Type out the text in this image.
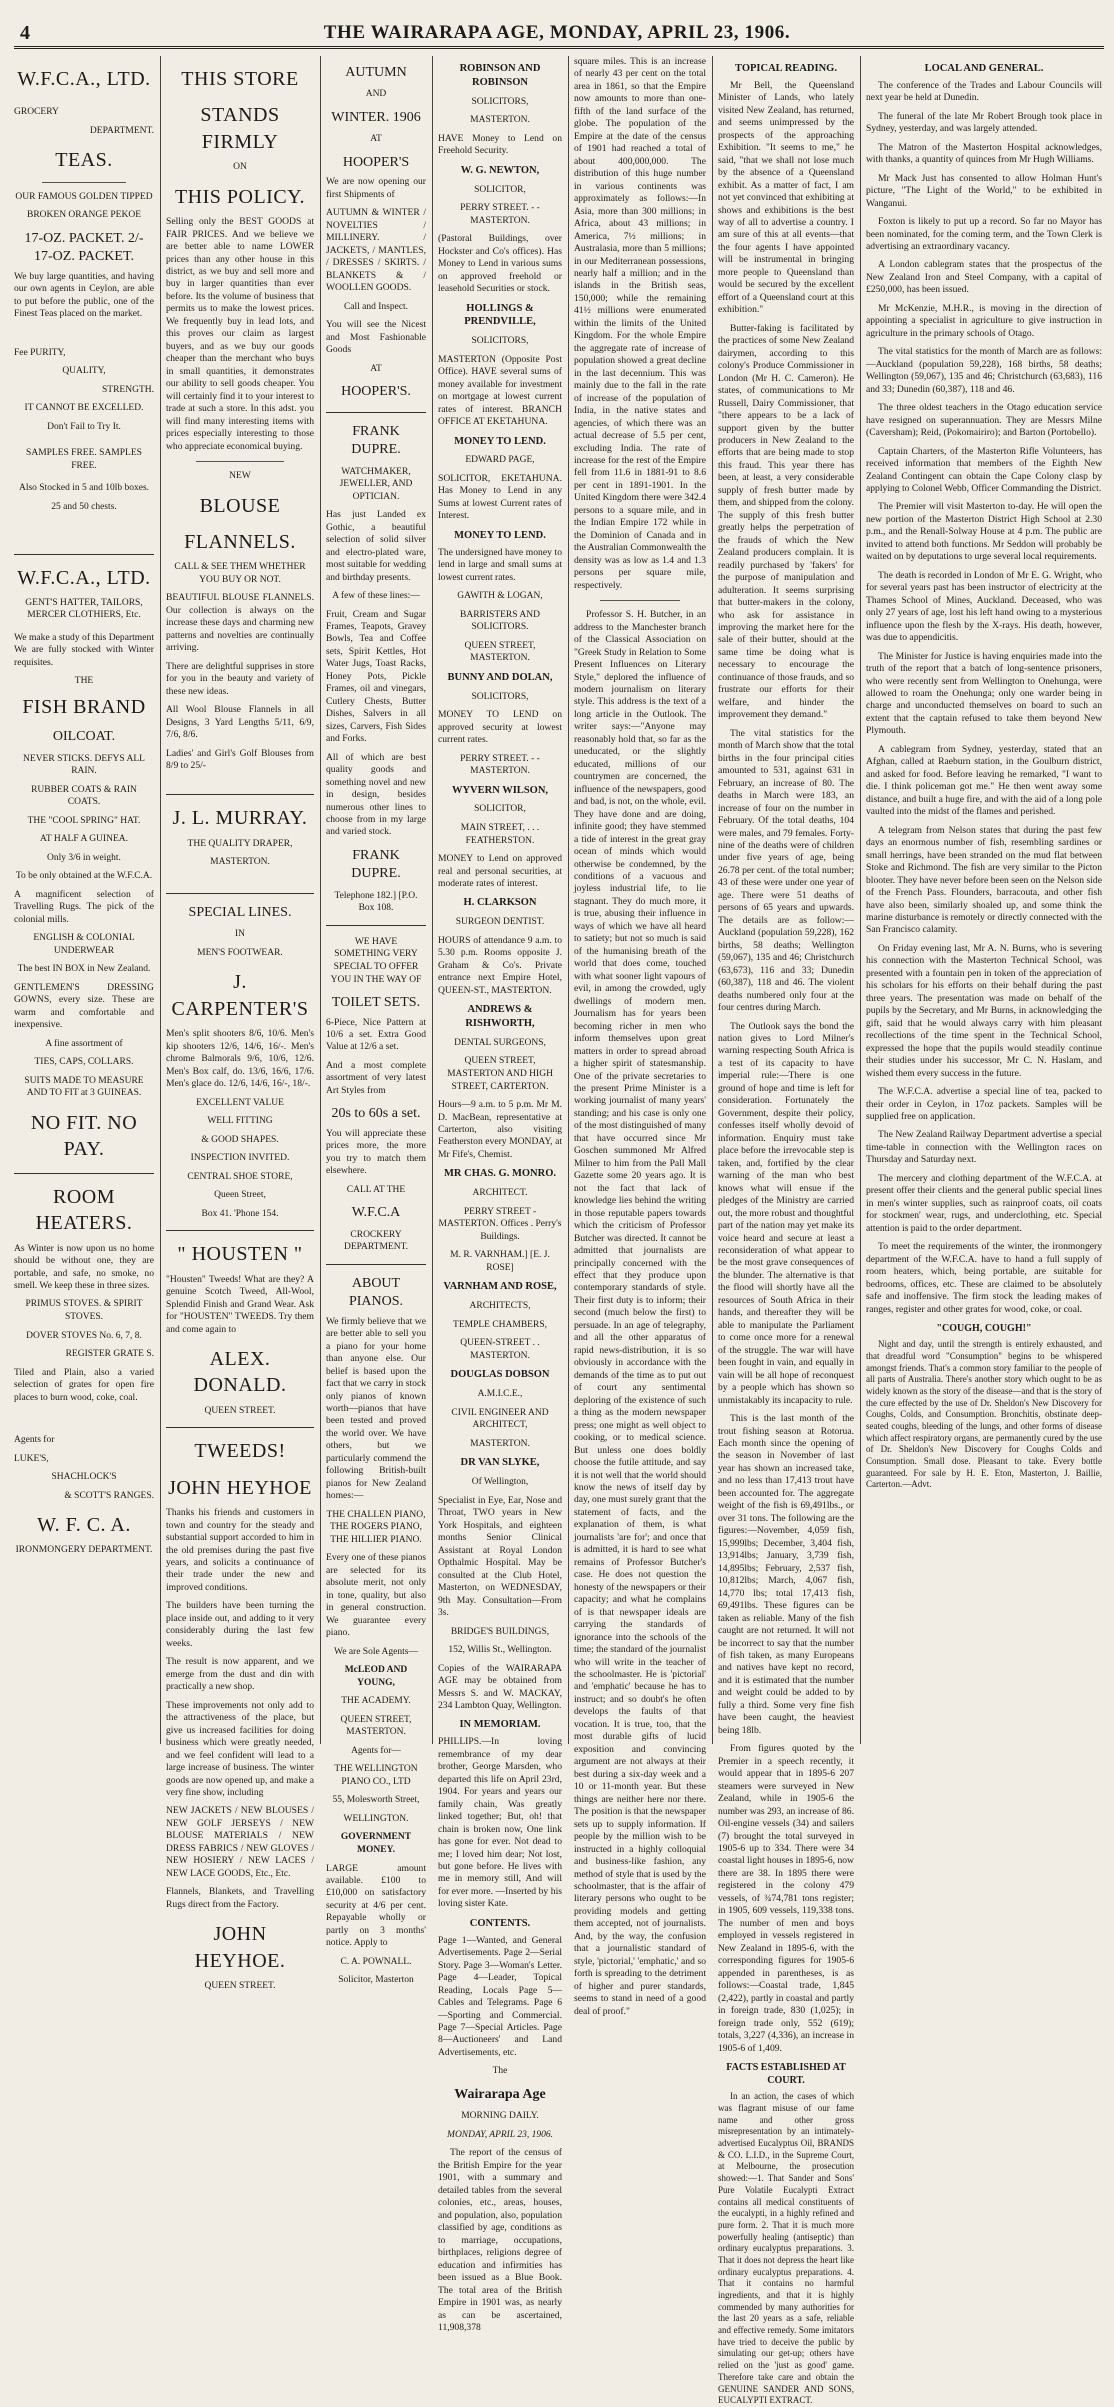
4	THE WAIRARAPA AGE, MONDAY, APRIL 23, 1906.
W.F.C.A., LTD.
GROCERY
DEPARTMENT.
TEAS.
OUR FAMOUS GOLDEN TIPPED
BROKEN ORANGE PEKOE
17-OZ. PACKET. 2/- 17-OZ. PACKET.

We buy large quantities, and having our own agents in Ceylon, are able to put before the public, one of the Finest Teas placed on the market.

Fee PURITY,
QUALITY,
STRENGTH.
IT CANNOT BE EXCELLED.
Don't Fail to Try It.
SAMPLES FREE. SAMPLES FREE.
Also Stocked in 5 and 10lb boxes.
25 and 50 chests.
W.F.C.A., LTD.
GENT'S HATTER, TAILORS, MERCER CLOTHIERS, Etc.

We make a study of this Department We are fully stocked with Winter requisites.

THE
FISH BRAND
OILCOAT.
NEVER STICKS. DEFYS ALL RAIN.
RUBBER COATS & RAIN COATS.
THE "COOL SPRING" HAT.
AT HALF A GUINEA.
Only 3/6 in weight.
To be only obtained at the W.F.C.A.

A magnificent selection of Travelling Rugs. The pick of the colonial mills.

ENGLISH & COLONIAL UNDERWEAR
The best IN BOX in New Zealand.

GENTLEMEN'S DRESSING GOWNS, every size. These are warm and comfortable and inexpensive.

A fine assortment of
TIES, CAPS, COLLARS.
SUITS MADE TO MEASURE AND TO FIT at 3 GUINEAS.
NO FIT. NO PAY.
ROOM HEATERS.

As Winter is now upon us no home should be without one, they are portable, and safe, no smoke, no smell. We keep these in three sizes.

PRIMUS STOVES. & SPIRIT STOVES.
DOVER STOVES No. 6, 7, 8.
REGISTER GRATE S.

Tiled and Plain, also a varied selection of grates for open fire places to burn wood, coke, coal.

Agents for
LUKE'S,
SHACHLOCK'S
& SCOTT'S RANGES.
W. F. C. A.
IRONMONGERY DEPARTMENT.
THIS STORE
STANDS FIRMLY
ON
THIS POLICY.

Selling only the BEST GOODS at FAIR PRICES. And we believe we are better able to name LOWER prices than any other house in this district, as we buy and sell more and buy in larger quantities than ever before. Its the volume of business that permits us to make the lowest prices. We frequently buy in lead lots, and this proves our claim as largest buyers, and as we buy our goods cheaper than the merchant who buys in small quantities, it demonstrates our ability to sell goods cheaper. You will certainly find it to your interest to trade at such a store. In this adst. you will find many interesting items with prices especially interesting to those who appreciate economical buying.

NEW
BLOUSE
FLANNELS.
CALL & SEE THEM WHETHER YOU BUY OR NOT.

BEAUTIFUL BLOUSE FLANNELS. Our collection is always on the increase these days and charming new patterns and novelties are continually arriving.

There are delightful supprises in store for you in the beauty and variety of these new ideas.

All Wool Blouse Flannels in all Designs, 3 Yard Lengths 5/11, 6/9, 7/6, 8/6.

Ladies' and Girl's Golf Blouses from 8/9 to 25/-

J. L. MURRAY.
THE QUALITY DRAPER,
MASTERTON.
SPECIAL LINES.
IN
MEN'S FOOTWEAR.
J. CARPENTER'S

Men's split shooters 8/6, 10/6. Men's kip shooters 12/6, 14/6, 16/-. Men's chrome Balmorals 9/6, 10/6, 12/6. Men's Box calf, do. 13/6, 16/6, 17/6. Men's glace do. 12/6, 14/6, 16/-, 18/-.

EXCELLENT VALUE
WELL FITTING
& GOOD SHAPES.
INSPECTION INVITED.
CENTRAL SHOE STORE,
Queen Street,
Box 41. 'Phone 154.
" HOUSTEN "

"Housten" Tweeds! What are they? A genuine Scotch Tweed, All-Wool, Splendid Finish and Grand Wear. Ask for "HOUSTEN" TWEEDS. Try them and come again to

ALEX. DONALD.
QUEEN STREET.
TWEEDS!
JOHN HEYHOE

Thanks his friends and customers in town and country for the steady and substantial support accorded to him in the old premises during the past five years, and solicits a continuance of their trade under the new and improved conditions.

The builders have been turning the place inside out, and adding to it very considerably during the last few weeks.

The result is now apparent, and we emerge from the dust and din with practically a new shop.

These improvements not only add to the attractiveness of the place, but give us increased facilities for doing business which were greatly needed, and we feel confident will lead to a large increase of business. The winter goods are now opened up, and make a very fine show, including

NEW JACKETS / NEW BLOUSES / NEW GOLF JERSEYS / NEW BLOUSE MATERIALS / NEW DRESS FABRICS / NEW GLOVES / NEW HOSIERY / NEW LACES / NEW LACE GOODS, Etc., Etc.

Flannels, Blankets, and Travelling Rugs direct from the Factory.

JOHN HEYHOE.
QUEEN STREET.
AUTUMN
AND
WINTER. 1906
AT
HOOPER'S

We are now opening our first Shipments of

AUTUMN & WINTER / NOVELTIES / MILLINERY. / JACKETS, / MANTLES, / DRESSES / SKIRTS. / BLANKETS & / WOOLLEN GOODS.

Call and Inspect.

You will see the Nicest and Most Fashionable Goods

AT
HOOPER'S.
FRANK DUPRE.
WATCHMAKER, JEWELLER, AND OPTICIAN.

Has just Landed ex Gothic, a beautiful selection of solid silver and electro-plated ware, most suitable for wedding and birthday presents.

A few of these lines:—

Fruit, Cream and Sugar Frames, Teapots, Gravey Bowls, Tea and Coffee sets, Spirit Kettles, Hot Water Jugs, Toast Racks, Honey Pots, Pickle Frames, oil and vinegars, Cutlery Chests, Butter Dishes, Salvers in all sizes, Carvers, Fish Sides and Forks.

All of which are best quality goods and something novel and new in design, besides numerous other lines to choose from in my large and varied stock.

FRANK DUPRE.
Telephone 182.] [P.O. Box 108.
WE HAVE SOMETHING VERY SPECIAL TO OFFER YOU IN THE WAY OF
TOILET SETS.

6-Piece, Nice Pattern at 10/6 a set. Extra Good Value at 12/6 a set.

And a most complete assortment of very latest Art Styles from

20s to 60s a set.

You will appreciate these prices more, the more you try to match them elsewhere.

CALL AT THE
W.F.C.A
CROCKERY DEPARTMENT.
ABOUT PIANOS.

We firmly believe that we are better able to sell you a piano for your home than anyone else. Our belief is based upon the fact that we carry in stock only pianos of known worth—pianos that have been tested and proved the world over. We have others, but we particularly commend the following British-built pianos for New Zealand homes:—

THE CHALLEN PIANO, THE ROGERS PIANO, THE HILLIER PIANO.

Every one of these pianos are selected for its absolute merit, not only in tone, quality, but also in general construction. We guarantee every piano.

We are Sole Agents—
McLEOD AND YOUNG,
THE ACADEMY.
QUEEN STREET, MASTERTON.
Agents for—
THE WELLINGTON PIANO CO., LTD
55, Molesworth Street,
WELLINGTON.
GOVERNMENT MONEY.

LARGE amount available. £100 to £10,000 on satisfactory security at 4/6 per cent. Repayable wholly or partly on 3 months' notice. Apply to

C. A. POWNALL.
Solicitor, Masterton
ROBINSON AND ROBINSON
SOLICITORS,
MASTERTON.

HAVE Money to Lend on Freehold Security.

W. G. NEWTON,
SOLICITOR,
PERRY STREET. - - MASTERTON.

(Pastoral Buildings, over Hockster and Co's offices). Has Money to Lend in various sums on approved freehold or leasehold Securities or stock.

HOLLINGS & PRENDVILLE,
SOLICITORS,

MASTERTON (Opposite Post Office). HAVE several sums of money available for investment on mortgage at lowest current rates of interest. BRANCH OFFICE AT EKETAHUNA.

MONEY TO LEND.
EDWARD PAGE,

SOLICITOR, EKETAHUNA. Has Money to Lend in any Sums at lowest Current rates of Interest.

MONEY TO LEND.

The undersigned have money to lend in large and small sums at lowest current rates.

GAWITH & LOGAN,
BARRISTERS AND SOLICITORS.
QUEEN STREET, MASTERTON.
BUNNY AND DOLAN,
SOLICITORS,

MONEY TO LEND on approved security at lowest current rates.

PERRY STREET. - - MASTERTON.
WYVERN WILSON,
SOLICITOR,
MAIN STREET, . . . FEATHERSTON.

MONEY to Lend on approved real and personal securities, at moderate rates of interest.

H. CLARKSON
SURGEON DENTIST.

HOURS of attendance 9 a.m. to 5.30 p.m. Rooms opposite J. Graham & Co's. Private entrance next Empire Hotel, QUEEN-ST., MASTERTON.

ANDREWS & RISHWORTH,
DENTAL SURGEONS,
QUEEN STREET, MASTERTON AND HIGH STREET, CARTERTON.

Hours—9 a.m. to 5 p.m. Mr M. D. MacBean, representative at Carterton, also visiting Featherston every MONDAY, at Mr Fife's, Chemist.

MR CHAS. G. MONRO.
ARCHITECT.
PERRY STREET - MASTERTON. Offices . Perry's Buildings.
M. R. VARNHAM.] [E. J. ROSE]
VARNHAM AND ROSE,
ARCHITECTS,
TEMPLE CHAMBERS,
QUEEN-STREET . . MASTERTON.
DOUGLAS DOBSON
A.M.I.C.E.,
CIVIL ENGINEER AND ARCHITECT,
MASTERTON.
DR VAN SLYKE,
Of Wellington,

Specialist in Eye, Ear, Nose and Throat, TWO years in New York Hospitals, and eighteen months Senior Clinical Assistant at Royal London Opthalmic Hospital. May be consulted at the Club Hotel, Masterton, on WEDNESDAY, 9th May. Consultation—From 3s.

BRIDGE'S BUILDINGS,
152, Willis St., Wellington.

Copies of the WAIRARAPA AGE may be obtained from Messrs S. and W. MACKAY, 234 Lambton Quay, Wellington.

IN MEMORIAM.

PHILLIPS.—In loving remembrance of my dear brother, George Marsden, who departed this life on April 23rd, 1904. For years and years our family chain, Was greatly linked together; But, oh! that chain is broken now, One link has gone for ever. Not dead to me; I loved him dear; Not lost, but gone before. He lives with me in memory still, And will for ever more. —Inserted by his loving sister Kate.

CONTENTS.

Page 1—Wanted, and General Advertisements. Page 2—Serial Story. Page 3—Woman's Letter. Page 4—Leader, Topical Reading, Locals Page 5—Cables and Telegrams. Page 6—Sporting and Commercial. Page 7—Special Articles. Page 8—Auctioneers' and Land Advertisements, etc.

The
Wairarapa Age
MORNING DAILY.
MONDAY, APRIL 23, 1906.

The report of the census of the British Empire for the year 1901, with a summary and detailed tables from the several colonies, etc., areas, houses, and population, also, population classified by age, conditions as to marriage, occupations, birthplaces, religions degree of education and infirmities has been issued as a Blue Book. The total area of the British Empire in 1901 was, as nearly as can be ascertained, 11,908,378

square miles. This is an increase of nearly 43 per cent on the total area in 1861, so that the Empire now amounts to more than one-fifth of the land surface of the globe. The population of the Empire at the date of the census of 1901 had reached a total of about 400,000,000. The distribution of this huge number in various continents was approximately as follows:—In Asia, more than 300 millions; in Africa, about 43 millions; in America, 7½ millions; in Australasia, more than 5 millions; in our Mediterranean possessions, nearly half a million; and in the islands in the British seas, 150,000; while the remaining 41½ millions were enumerated within the limits of the United Kingdom. For the whole Empire the aggregate rate of increase of population showed a great decline in the last decennium. This was mainly due to the fall in the rate of increase of the population of India, in the native states and agencies, of which there was an actual decrease of 5.5 per cent, excluding India. The rate of increase for the rest of the Empire fell from 11.6 in 1881-91 to 8.6 per cent in 1891-1901. In the United Kingdom there were 342.4 persons to a square mile, and in the Indian Empire 172 while in the Dominion of Canada and in the Australian Commonwealth the density was as low as 1.4 and 1.3 persons per square mile, respectively.

Professor S. H. Butcher, in an address to the Manchester branch of the Classical Association on "Greek Study in Relation to Some Present Influences on Literary Style," deplored the influence of modern journalism on literary style. This address is the text of a long article in the Outlook. The writer says:—"Anyone may reasonably hold that, so far as the uneducated, or the slightly educated, millions of our countrymen are concerned, the influence of the newspapers, good and bad, is not, on the whole, evil. They have done and are doing, infinite good; they have stemmed a tide of interest in the great gray ocean of minds which would otherwise be condemned, by the conditions of a vacuous and joyless industrial life, to lie stagnant. They do much more, it is true, abusing their influence in ways of which we have all heard to satiety; but not so much is said of the humanising breath of the world that does come, touched with what sooner light vapours of evil, in among the crowded, ugly dwellings of modern men. Journalism has for years been becoming richer in men who inform themselves upon great matters in order to spread abroad a higher spirit of statesmanship. One of the private secretaries to the present Prime Minister is a working journalist of many years' standing; and his case is only one of the most distinguished of many that have occurred since Mr Goschen summoned Mr Alfred Milner to him from the Pall Mall Gazette some 20 years ago. It is not the fact that lack of knowledge lies behind the writing in those reputable papers towards which the criticism of Professor Butcher was directed. It cannot be admitted that journalists are principally concerned with the effect that they produce upon contemporary standards of style. Their first duty is to inform; their second (much below the first) to persuade. In an age of telegraphy, and all the other apparatus of rapid news-distribution, it is so obviously in accordance with the demands of the time as to put out of court any sentimental deploring of the existence of such a thing as the modern newspaper press; one might as well object to cooking, or to medical science. But unless one does boldly choose the futile attitude, and say it is not well that the world should know the news of itself day by day, one must surely grant that the statement of facts, and the explanation of them, is what journalists 'are for'; and once that is admitted, it is hard to see what remains of Professor Butcher's case. He does not question the honesty of the newspapers or their capacity; and what he complains of is that newspaper ideals are carrying the standards of ignorance into the schools of the time; the standard of the journalist who will write in the teacher of the schoolmaster. He is 'pictorial' and 'emphatic' because he has to instruct; and so doubt's he often develops the faults of that vocation. It is true, too, that the most durable gifts of lucid exposition and convincing argument are not always at their best during a six-day week and a 10 or 11-month year. But these things are neither here nor there. The position is that the newspaper sets up to supply information. If people by the million wish to be instructed in a highly colloquial and business-like fashion, any method of style that is used by the schoolmaster, that is the affair of literary persons who ought to be providing models and getting them accepted, not of journalists. And, by the way, the confusion that a journalistic standard of style, 'pictorial,' 'emphatic,' and so forth is spreading to the detriment of higher and purer standards, seems to stand in need of a good deal of proof."

TOPICAL READING.

Mr Bell, the Queensland Minister of Lands, who lately visited New Zealand, has returned, and seems unimpressed by the prospects of the approaching Exhibition. "It seems to me," he said, "that we shall not lose much by the absence of a Queensland exhibit. As a matter of fact, I am not yet convinced that exhibiting at shows and exhibitions is the best way of all to advertise a country. I am sure of this at all events—that the four agents I have appointed will be instrumental in bringing more people to Queensland than would be secured by the excellent effort of a Queensland court at this exhibition."

Butter-faking is facilitated by the practices of some New Zealand dairymen, according to this colony's Produce Commissioner in London (Mr H. C. Cameron). He states, of communications to Mr Russell, Dairy Commissioner, that "there appears to be a lack of support given by the butter producers in New Zealand to the efforts that are being made to stop this fraud. This year there has been, at least, a very considerable supply of fresh butter made by them, and shipped from the colony. The supply of this fresh butter greatly helps the perpetration of the frauds of which the New Zealand producers complain. It is readily purchased by 'fakers' for the purpose of manipulation and adulteration. It seems surprising that butter-makers in the colony, who ask for assistance in improving the market here for the sale of their butter, should at the same time be doing what is necessary to encourage the continuance of those frauds, and so frustrate our efforts for their welfare, and hinder the improvement they demand."

The vital statistics for the month of March show that the total births in the four principal cities amounted to 531, against 631 in February, an increase of 80. The deaths in March were 183, an increase of four on the number in February. Of the total deaths, 104 were males, and 79 females. Forty-nine of the deaths were of children under five years of age, being 26.78 per cent. of the total number; 43 of these were under one year of age. There were 51 deaths of persons of 65 years and upwards. The details are as follow:—Auckland (population 59,228), 162 births, 58 deaths; Wellington (59,067), 135 and 46; Christchurch (63,673), 116 and 33; Dunedin (60,387), 118 and 46. The violent deaths numbered only four at the four centres during March.

The Outlook says the bond the nation gives to Lord Milner's warning respecting South Africa is a test of its capacity to have imperial rule:—There is one ground of hope and time is left for consideration. Fortunately the Government, despite their policy, confesses itself wholly devoid of information. Enquiry must take place before the irrevocable step is taken, and, fortified by the clear warning of the man who best knows what will ensue if the pledges of the Ministry are carried out, the more robust and thoughtful part of the nation may yet make its voice heard and secure at least a reconsideration of what appear to be the most grave consequences of the blunder. The alternative is that the flood will shortly have all the resources of South Africa in their hands, and thereafter they will be able to manipulate the Parliament to come once more for a renewal of the struggle. The war will have been fought in vain, and equally in vain will be all hope of reconquest by a people which has shown so unmistakably its incapacity to rule.

This is the last month of the trout fishing season at Rotorua. Each month since the opening of the season in November of last year has shown an increased take, and no less than 17,413 trout have been accounted for. The aggregate weight of the fish is 69,491lbs., or over 31 tons. The following are the figures:—November, 4,059 fish, 15,999lbs; December, 3,404 fish, 13,914lbs; January, 3,739 fish, 14,895lbs; February, 2,537 fish, 10,812lbs; March, 4,067 fish, 14,770 lbs; total 17,413 fish, 69,491lbs. These figures can be taken as reliable. Many of the fish caught are not returned. It will not be incorrect to say that the number of fish taken, as many Europeans and natives have kept no record, and it is estimated that the number and weight could be added to by fully a third. Some very fine fish have been caught, the heaviest being 18lb.

From figures quoted by the Premier in a speech recently, it would appear that in 1895-6 207 steamers were surveyed in New Zealand, while in 1905-6 the number was 293, an increase of 86. Oil-engine vessels (34) and sailers (7) brought the total surveyed in 1905-6 up to 334. There were 34 coastal light houses in 1895-6, now there are 38. In 1895 there were registered in the colony 479 vessels, of ¾74,781 tons register; in 1905, 609 vessels, 119,338 tons. The number of men and boys employed in vessels registered in New Zealand in 1895-6, with the corresponding figures for 1905-6 appended in parentheses, is as follows:—Coastal trade, 1,845 (2,422), partly in coastal and partly in foreign trade, 830 (1,025); in foreign trade only, 552 (619); totals, 3,227 (4,336), an increase in 1905-6 of 1,409.

FACTS ESTABLISHED AT COURT.

In an action, the cases of which was flagrant misuse of our fame name and other gross misrepresentation by an intimately-advertised Eucalyptus Oil, BRANDS & CO. L.I.D., in the Supreme Court, at Melbourne, the prosecution showed:—1. That Sander and Sons' Pure Volatile Eucalypti Extract contains all medical constituents of the eucalypti, in a highly refined and pure form. 2. That it is much more powerfully healing (antiseptic) than ordinary eucalyptus preparations. 3. That it does not depress the heart like ordinary eucalyptus preparations. 4. That it contains no harmful ingredients, and that it is highly commended by many authorities for the last 20 years as a safe, reliable and effective remedy. Some imitators have tried to deceive the public by simulating our get-up; others have relied on the 'just as good' game. Therefore take care and obtain the GENUINE SANDER AND SONS, EUCALYPTI EXTRACT.

LOCAL AND GENERAL.

The conference of the Trades and Labour Councils will next year be held at Dunedin.

The funeral of the late Mr Robert Brough took place in Sydney, yesterday, and was largely attended.

The Matron of the Masterton Hospital acknowledges, with thanks, a quantity of quinces from Mr Hugh Williams.

Mr Mack Just has consented to allow Holman Hunt's picture, "The Light of the World," to be exhibited in Wanganui.

Foxton is likely to put up a record. So far no Mayor has been nominated, for the coming term, and the Town Clerk is advertising an extraordinary vacancy.

A London cablegram states that the prospectus of the New Zealand Iron and Steel Company, with a capital of £250,000, has been issued.

Mr McKenzie, M.H.R., is moving in the direction of appointing a specialist in agriculture to give instruction in agriculture in the primary schools of Otago.

The vital statistics for the month of March are as follows:—Auckland (population 59,228), 168 births, 58 deaths; Wellington (59,067), 135 and 46; Christchurch (63,683), 116 and 33; Dunedin (60,387), 118 and 46.

The three oldest teachers in the Otago education service have resigned on superannuation. They are Messrs Milne (Caversham); Reid, (Pokomairiro); and Barton (Portobello).

Captain Charters, of the Masterton Rifle Volunteers, has received information that members of the Eighth New Zealand Contingent can obtain the Cape Colony clasp by applying to Colonel Webb, Officer Commanding the District.

The Premier will visit Masterton to-day. He will open the new portion of the Masterton District High School at 2.30 p.m., and the Renall-Solway House at 4 p.m. The public are invited to attend both functions. Mr Seddon will probably be waited on by deputations to urge several local requirements.

The death is recorded in London of Mr E. G. Wright, who for several years past has been instructor of electricity at the Thames School of Mines, Auckland. Deceased, who was only 27 years of age, lost his left hand owing to a mysterious influence upon the flesh by the X-rays. His death, however, was due to appendicitis.

The Minister for Justice is having enquiries made into the truth of the report that a batch of long-sentence prisoners, who were recently sent from Wellington to Onehunga, were allowed to roam the Onehunga; only one warder being in charge and unconducted themselves on board to such an extent that the captain refused to take them beyond New Plymouth.

A cablegram from Sydney, yesterday, stated that an Afghan, called at Raeburn station, in the Goulburn district, and asked for food. Before leaving he remarked, "I want to die. I think policeman got me." He then went away some distance, and built a huge fire, and with the aid of a long pole vaulted into the midst of the flames and perished.

A telegram from Nelson states that during the past few days an enormous number of fish, resembling sardines or small herrings, have been stranded on the mud flat between Stoke and Richmond. The fish are very similar to the Picton blooter. They have never before been seen on the Nelson side of the French Pass. Flounders, barracouta, and other fish have also been, similarly shoaled up, and some think the marine disturbance is remotely or directly connected with the San Francisco calamity.

On Friday evening last, Mr A. N. Burns, who is severing his connection with the Masterton Technical School, was presented with a fountain pen in token of the appreciation of his scholars for his efforts on their behalf during the past three years. The presentation was made on behalf of the pupils by the Secretary, and Mr Burns, in acknowledging the gift, said that he would always carry with him pleasant recollections of the time spent in the Technical School, expressed the hope that the pupils would steadily continue their studies under his successor, Mr C. N. Haslam, and wished them every success in the future.

The W.F.C.A. advertise a special line of tea, packed to their order in Ceylon, in 17oz packets. Samples will be supplied free on application.

The New Zealand Railway Department advertise a special time-table in connection with the Wellington races on Thursday and Saturday next.

The mercery and clothing department of the W.F.C.A. at present offer their clients and the general public special lines in men's winter supplies, such as rainproof coats, oil coats for stockmen' wear, rugs, and underclothing, etc. Special attention is paid to the order department.

To meet the requirements of the winter, the ironmongery department of the W.F.C.A. have to hand a full supply of room heaters, which, being portable, are suitable for bedrooms, offices, etc. These are claimed to be absolutely safe and inoffensive. The firm stock the leading makes of ranges, register and other grates for wood, coke, or coal.

"COUGH, COUGH!"

Night and day, until the strength is entirely exhausted, and that dreadful word "Consumption" begins to be whispered amongst friends. That's a common story familiar to the people of all parts of Australia. There's another story which ought to be as widely known as the story of the disease—and that is the story of the cure effected by the use of Dr. Sheldon's New Discovery for Coughs, Colds, and Consumption. Bronchitis, obstinate deep-seated coughs, bleeding of the lungs, and other forms of disease which affect respiratory organs, are permanently cured by the use of Dr. Sheldon's New Discovery for Coughs Colds and Consumption. Small dose. Pleasant to take. Every bottle guaranteed. For sale by H. E. Eton, Masterton, J. Baillie, Carterton.—Advt.
